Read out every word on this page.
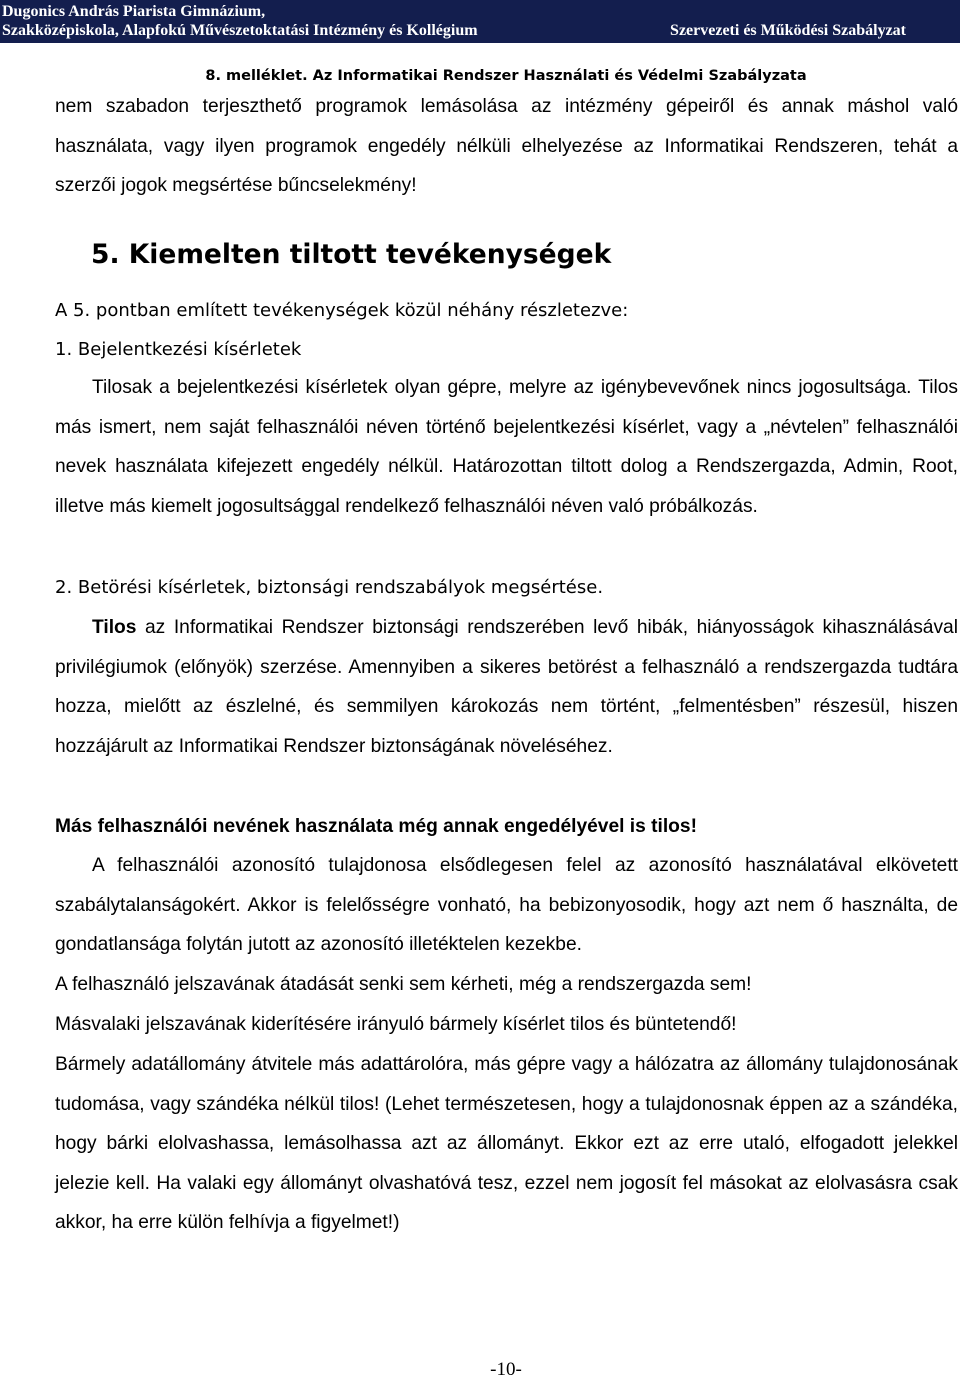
Dugonics András Piarista Gimnázium,
Szakközépiskola, Alapfokú Művészetoktatási Intézmény és Kollégium	Szervezeti és Működési Szabályzat
8. melléklet. Az Informatikai Rendszer Használati és Védelmi Szabályzata
nem szabadon terjeszthető programok lemásolása az intézmény gépeiről és annak máshol való használata, vagy ilyen programok engedély nélküli elhelyezése az Informatikai Rendszeren, tehát a szerzői jogok megsértése bűncselekmény!
5. Kiemelten tiltott tevékenységek
A 5. pontban említett tevékenységek közül néhány részletezve:
1. Bejelentkezési kísérletek
Tilosak a bejelentkezési kísérletek olyan gépre, melyre az igénybevevőnek nincs jogosultsága. Tilos más ismert, nem saját felhasználói néven történő bejelentkezési kísérlet, vagy a „névtelen” felhasználói nevek használata kifejezett engedély nélkül. Határozottan tiltott dolog a Rendszergazda, Admin, Root, illetve más kiemelt jogosultsággal rendelkező felhasználói néven való próbálkozás.
2. Betörési kísérletek, biztonsági rendszabályok megsértése.
Tilos az Informatikai Rendszer biztonsági rendszerében levő hibák, hiányosságok kihasználásával privilégiumok (előnyök) szerzése. Amennyiben a sikeres betörést a felhasználó a rendszergazda tudtára hozza, mielőtt az észlelné, és semmilyen károkozás nem történt, „felmentésben” részesül, hiszen hozzájárult az Informatikai Rendszer biztonságának növeléséhez.
Más felhasználói nevének használata még annak engedélyével is tilos!
A felhasználói azonosító tulajdonosa elsődlegesen felel az azonosító használatával elkövetett szabálytalanságokért. Akkor is felelősségre vonható, ha bebizonyosodik, hogy azt nem ő használta, de gondatlansága folytán jutott az azonosító illetéktelen kezekbe.
A felhasználó jelszavának átadását senki sem kérheti, még a rendszergazda sem!
Másvalaki jelszavának kiderítésére irányuló bármely kísérlet tilos és büntetendő!
Bármely adatállomány átvitele más adattárolóra, más gépre vagy a hálózatra az állomány tulajdonosának tudomása, vagy szándéka nélkül tilos! (Lehet természetesen, hogy a tulajdonosnak éppen az a szándéka, hogy bárki elolvashassa, lemásolhassa azt az állományt. Ekkor ezt az erre utaló, elfogadott jelekkel jelezie kell. Ha valaki egy állományt olvashatóvá tesz, ezzel nem jogosít fel másokat az elolvasásra csak akkor, ha erre külön felhívja a figyelmet!)
-10-
